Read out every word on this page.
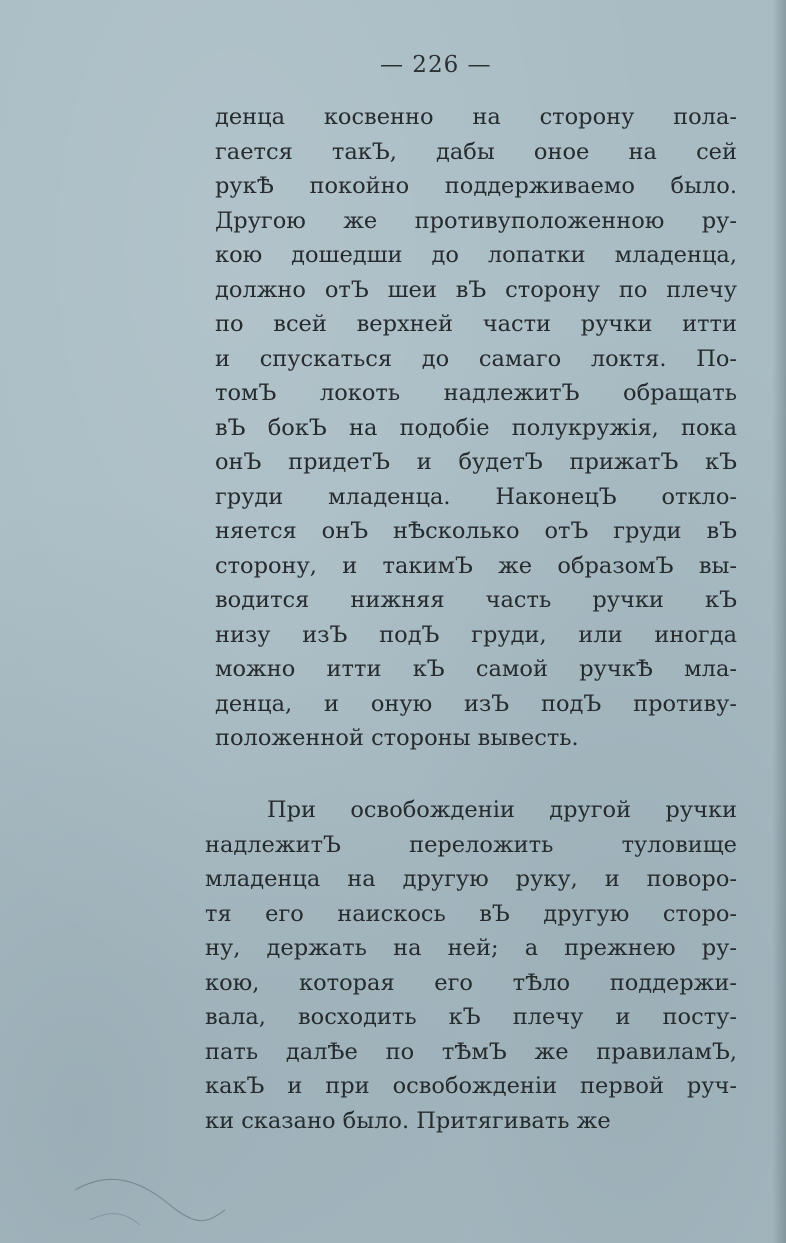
— 226 —
денца косвенно на сторону пола-
гается такЪ, дабы оное на сей
рукѢ покойно поддерживаемо было.
Другою же противуположенною ру-
кою дошедши до лопатки младенца,
должно отЪ шеи вЪ сторону по плечу
по всей верхней части ручки итти
и спускаться до самаго локтя. По-
томЪ локоть надлежитЪ обращать
вЪ бокЪ на подобіе полукружія, пока
онЪ придетЪ и будетЪ прижатЪ кЪ
груди младенца. НаконецЪ откло-
няется онЪ нѢсколько отЪ груди вЪ
сторону, и такимЪ же образомЪ вы-
водится нижняя часть ручки кЪ
низу изЪ подЪ груди, или иногда
можно итти кЪ самой ручкѢ мла-
денца, и оную изЪ подЪ противу-
положенной стороны вывесть.
При освобожденіи другой ручки
надлежитЪ переложить туловище
младенца на другую руку, и поворо-
тя его наискось вЪ другую сторо-
ну, держать на ней; а прежнею ру-
кою, которая его тѢло поддержи-
вала, восходить кЪ плечу и посту-
пать далѢе по тѢмЪ же правиламЪ,
какЪ и при освобожденіи первой руч-
ки сказано было. Притягивать же
